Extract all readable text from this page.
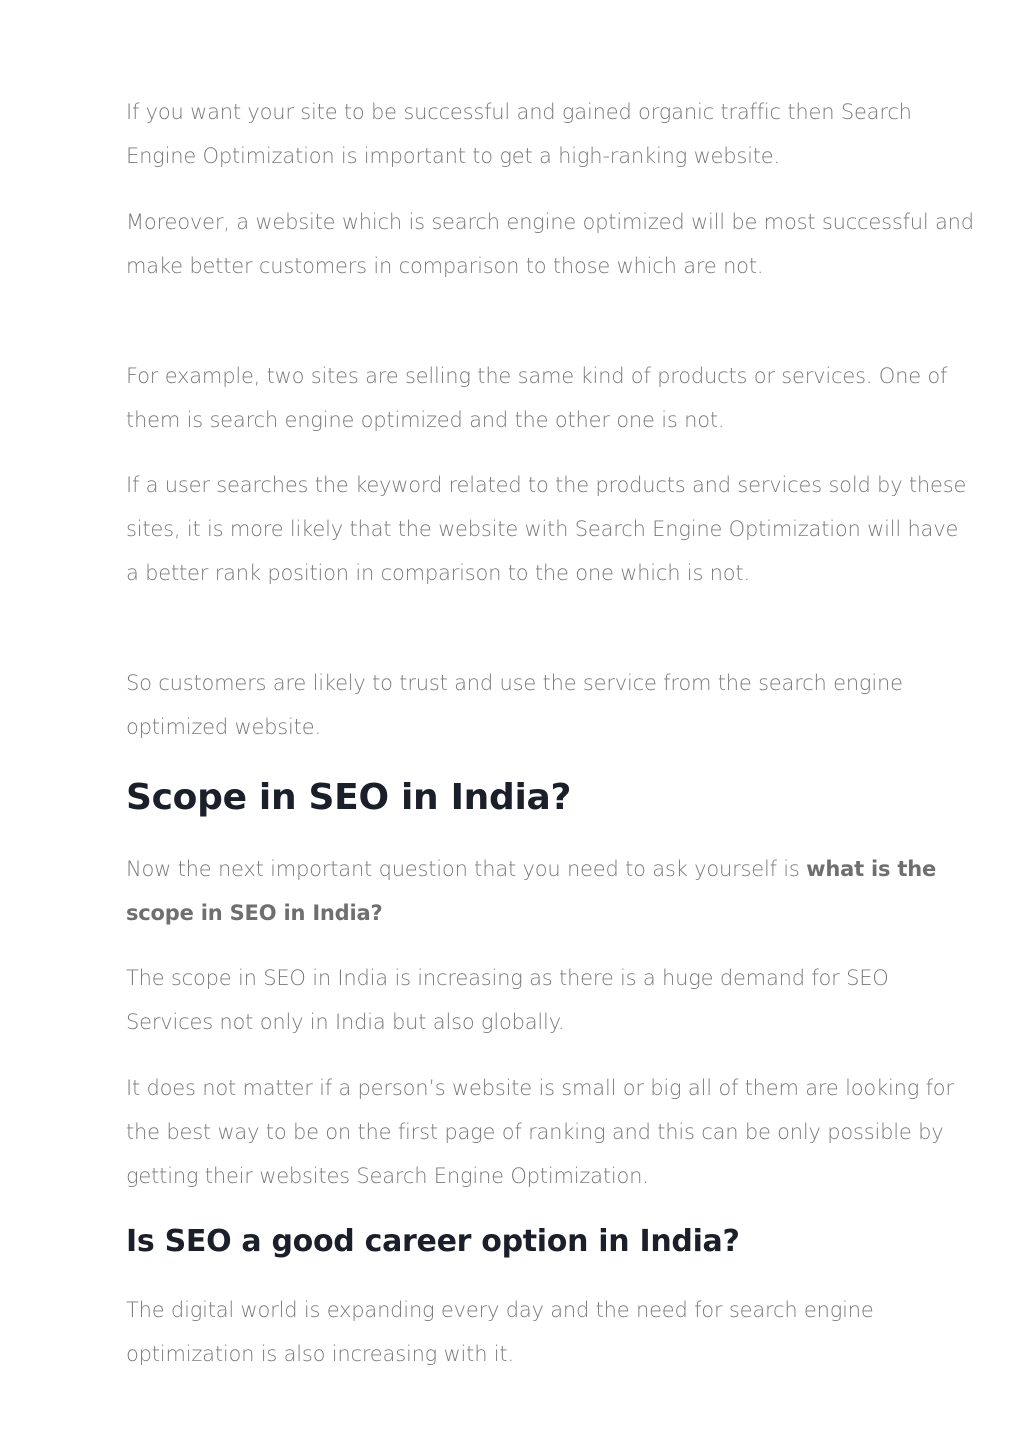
If you want your site to be successful and gained organic traffic then Search Engine Optimization is important to get a high-ranking website.

Moreover, a website which is search engine optimized will be most successful and make better customers in comparison to those which are not.

For example, two sites are selling the same kind of products or services. One of them is search engine optimized and the other one is not.

If a user searches the keyword related to the products and services sold by these sites, it is more likely that the website with Search Engine Optimization will have a better rank position in comparison to the one which is not.

So customers are likely to trust and use the service from the search engine optimized website.

Scope in SEO in India?

Now the next important question that you need to ask yourself is what is the scope in SEO in India?

The scope in SEO in India is increasing as there is a huge demand for SEO Services not only in India but also globally.

It does not matter if a person’s website is small or big all of them are looking for the best way to be on the first page of ranking and this can be only possible by getting their websites Search Engine Optimization.

Is SEO a good career option in India?

The digital world is expanding every day and the need for search engine optimization is also increasing with it.
